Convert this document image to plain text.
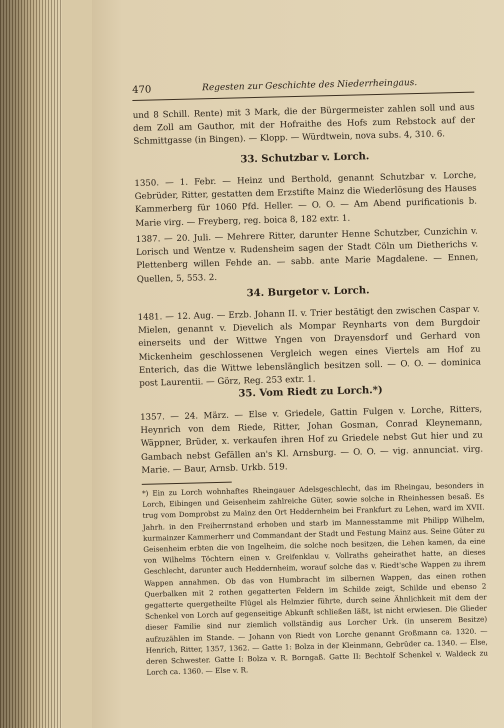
470	Regesten zur Geschichte des Niederrheingaus.

und 8 Schill. Rente) mit 3 Mark, die der Bürgermeister zahlen soll und aus dem Zoll am Gauthor, mit der Hofraithe des Hofs zum Rebstock auf der Schmittgasse (in Bingen). — Klopp. — Würdtwein, nova subs. 4, 310. 6.

33. Schutzbar v. Lorch.

1350. — 1. Febr. — Heinz und Berthold, genannt Schutzbar v. Lorche, Gebrüder, Ritter, gestatten dem Erzstifte Mainz die Wiederlösung des Hauses Kammerberg für 1060 Pfd. Heller. — O. O. — Am Abend purificationis b. Marie virg. — Freyberg, reg. boica 8, 182 extr. 1.

1387. — 20. Juli. — Mehrere Ritter, darunter Henne Schutzber, Cunzichin v. Lorisch und Wentze v. Rudensheim sagen der Stadt Cöln um Dietherichs v. Plettenberg willen Fehde an. — sabb. ante Marie Magdalene. — Ennen, Quellen, 5, 553. 2.

34. Burgetor v. Lorch.

1481. — 12. Aug. — Erzb. Johann II. v. Trier bestätigt den zwischen Caspar v. Mielen, genannt v. Dievelich als Mompar Reynharts von dem Burgdoir einerseits und der Wittwe Yngen von Drayensdorf und Gerhard von Mickenheim geschlossenen Vergleich wegen eines Viertels am Hof zu Enterich, das die Wittwe lebenslänglich besitzen soll. — O. O. — dominica post Laurentii. — Görz, Reg. 253 extr. 1.

35. Vom Riedt zu Lorch.*)

1357. — 24. März. — Else v. Griedele, Gattin Fulgen v. Lorche, Ritters, Heynrich von dem Riede, Ritter, Johan Gosman, Conrad Kleynemann, Wäppner, Brüder, x. verkaufen ihren Hof zu Griedele nebst Gut hier und zu Gambach nebst Gefällen an's Kl. Arnsburg. — O. O. — vig. annunciat. virg. Marie. — Baur, Arnsb. Urkb. 519.

*) Ein zu Lorch wohnhaftes Rheingauer Adelsgeschlecht, das im Rheingau, besonders in Lorch, Eibingen und Geisenheim zahlreiche Güter, sowie solche in Rheinhessen besaß. Es trug vom Domprobst zu Mainz den Ort Heddernheim bei Frankfurt zu Lehen, ward im XVII. Jahrh. in den Freiherrnstand erhoben und starb im Mannesstamme mit Philipp Wilhelm, kurmainzer Kammerherr und Commandant der Stadt und Festung Mainz aus. Seine Güter zu Geisenheim erbten die von Ingelheim, die solche noch besitzen, die Lehen kamen, da eine von Wilhelms Töchtern einen v. Greifenklau v. Vollraths geheirathet hatte, an dieses Geschlecht, darunter auch Heddernheim, worauf solche das v. Riedt'sche Wappen zu ihrem Wappen annahmen. Ob das von Humbracht im silbernen Wappen, das einen rothen Querbalken mit 2 rothen gegatterten Feldern im Schilde zeigt, Schilde und ebenso 2 gegatterte quergetheilte Flügel als Helmzier führte, durch seine Ähnlichkeit mit dem der Schenkel von Lorch auf gegenseitige Abkunft schließen läßt, ist nicht erwiesen. Die Glieder dieser Familie sind nur ziemlich vollständig aus Lorcher Urk. (in unserem Besitze) aufzuzählen im Stande. — Johann von Riedt von Lorche genannt Großmann ca. 1320. — Henrich, Ritter, 1357, 1362. — Gatte 1: Bolza in der Kleinmann, Gebrüder ca. 1340. — Else, deren Schwester. Gatte I: Bolza v. R. Borngaß. Gatte II: Bechtolf Schenkel v. Waldeck zu Lorch ca. 1360. — Else v. R.
